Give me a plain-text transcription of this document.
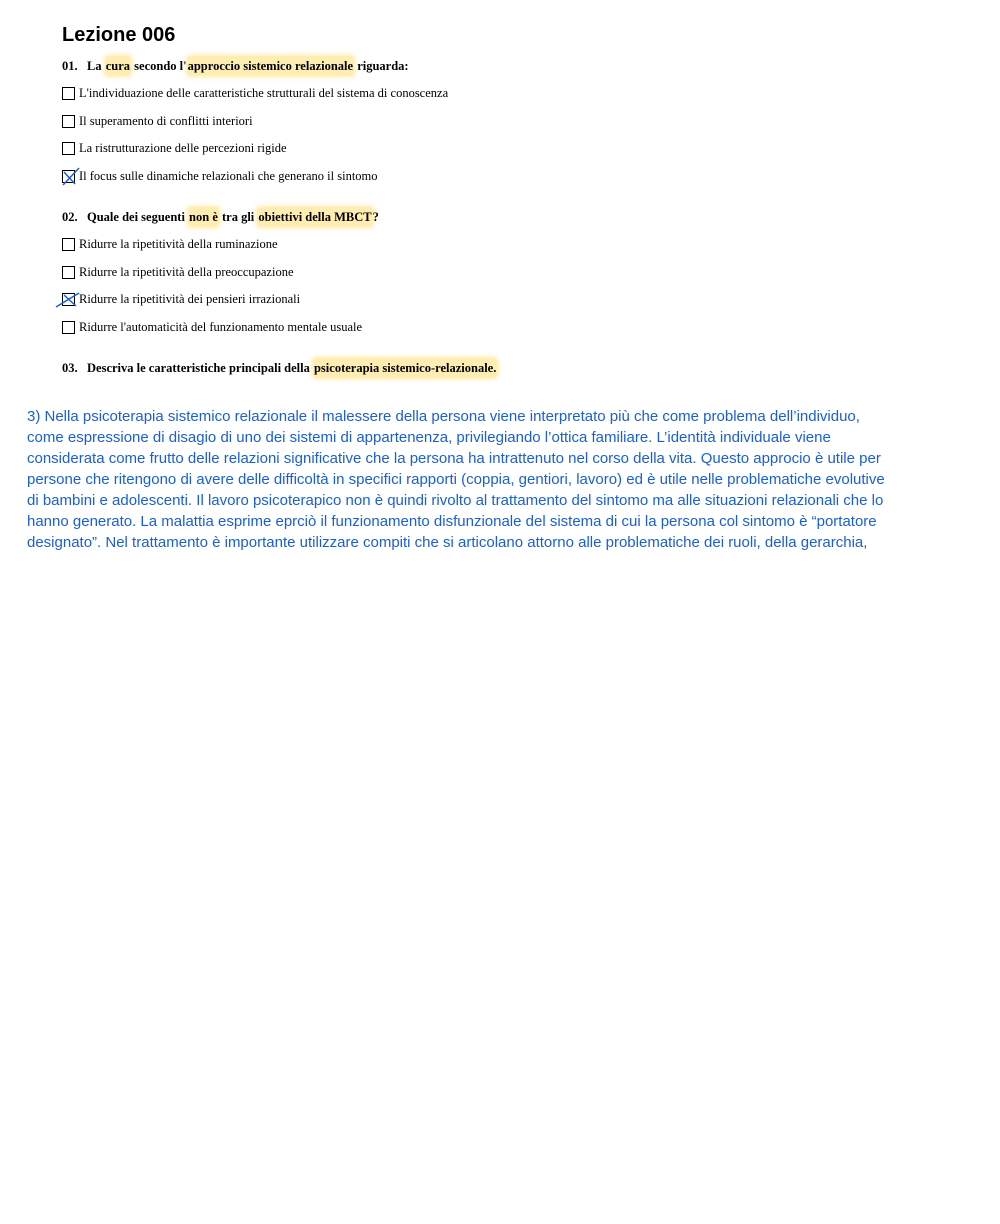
Lezione 006
01. La cura secondo l'approccio sistemico relazionale riguarda:
L'individuazione delle caratteristiche strutturali del sistema di conoscenza
Il superamento di conflitti interiori
La ristrutturazione delle percezioni rigide
Il focus sulle dinamiche relazionali che generano il sintomo
02. Quale dei seguenti non è tra gli obiettivi della MBCT?
Ridurre la ripetitività della ruminazione
Ridurre la ripetitività della preoccupazione
Ridurre la ripetitività dei pensieri irrazionali
Ridurre l'automaticità del funzionamento mentale usuale
03. Descriva le caratteristiche principali della psicoterapia sistemico-relazionale.

3) Nella psicoterapia sistemico relazionale il malessere della persona viene interpretato più che come problema dell’individuo,

come espressione di disagio di uno dei sistemi di appartenenza, privilegiando l’ottica familiare. L’identità individuale viene

considerata come frutto delle relazioni significative che la persona ha intrattenuto nel corso della vita. Questo approcio è utile per

persone che ritengono di avere delle difficoltà in specifici rapporti (coppia, gentiori, lavoro) ed è utile nelle problematiche evolutive

di bambini e adolescenti. Il lavoro psicoterapico non è quindi rivolto al trattamento del sintomo ma alle situazioni relazionali che lo

hanno generato. La malattia esprime eprciò il funzionamento disfunzionale del sistema di cui la persona col sintomo è “portatore

designato”. Nel trattamento è importante utilizzare compiti che si articolano attorno alle problematiche dei ruoli, della gerarchia,
